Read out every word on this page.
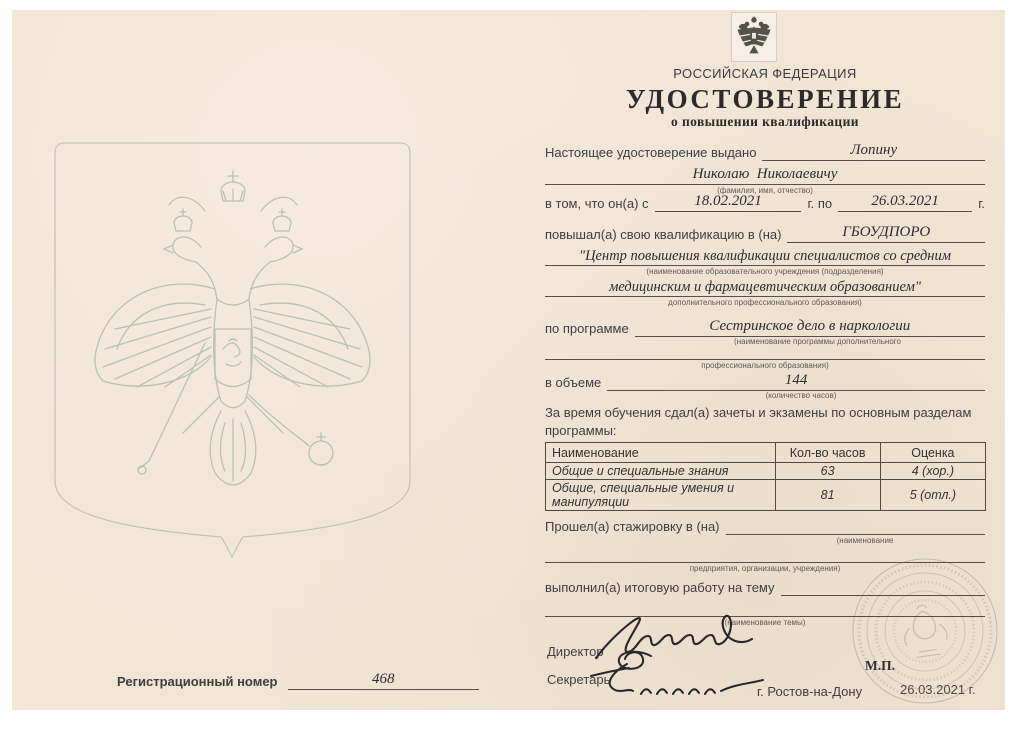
РОССИЙСКАЯ ФЕДЕРАЦИЯ
УДОСТОВЕРЕНИЕ
о повышении квалификации
Настоящее удостоверение выдано	Лопину
Николаю  Николаевичу
(фамилия, имя, отчество)
в том, что он(а) с	18.02.2021	г. по	26.03.2021	г.
повышал(а) свою квалификацию в (на)	ГБОУДПОРО
"Центр повышения квалификации специалистов со средним
(наименование образовательного учреждения (подразделения)
медицинским и фармацевтическим образованием"
дополнительного профессионального образования)
по программе	Сестринское дело в наркологии
(наименование программы дополнительного
профессионального образования)
в объеме	144
(количество часов)
За время обучения сдал(а) зачеты и экзамены по основным разделам программы:
Наименование	Кол-во часов	Оценка
Общие и специальные знания	63	4 (хор.)
Общие, специальные умения и манипуляции	81	5 (отл.)
Прошел(а) стажировку в (на)
(наименование
предприятия, организации, учреждения)
выполнил(а) итоговую работу на тему
(наименование темы)
Директор
Секретарь
г. Ростов-на-Дону
М.П.
26.03.2021 г.
Регистрационный номер	468
